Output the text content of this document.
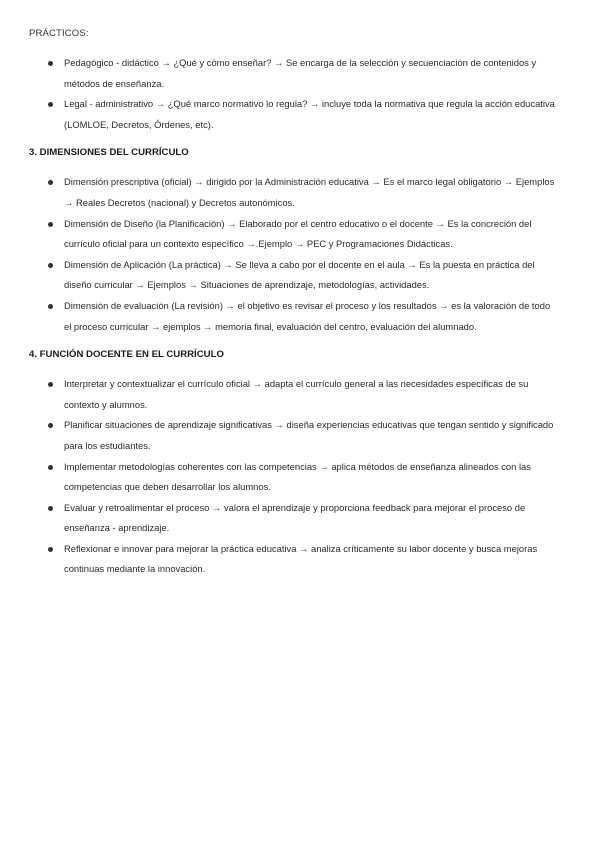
PRÁCTICOS:

Pedagógico - didáctico → ¿Qué y cómo enseñar? → Se encarga de la selección y secuenciación de contenidos y métodos de enseñanza.
Legal - administrativo → ¿Qué marco normativo lo regula? → incluye toda la normativa que regula la acción educativa (LOMLOE, Decretos, Órdenes, etc).

3. DIMENSIONES DEL CURRÍCULO

Dimensión prescriptiva (oficial) → dirigido por la Administración educativa → Es el marco legal obligatorio → Ejemplos → Reales Decretos (nacional) y Decretos autonómicos.
Dimensión de Diseño (la Planificación) → Elaborado por el centro educativo o el docente → Es la concreción del currículo oficial para un contexto específico →.Ejemplo → PEC y Programaciones Didácticas.
Dimensión de Aplicación (La práctica) → Se lleva a cabo por el docente en el aula → Es la puesta en práctica del diseño curricular → Ejemplos → Situaciones de aprendizaje, metodologías, actividades.
Dimensión de evaluación (La revisión) → el objetivo es revisar el proceso y los resultados → es la valoración de todo el proceso curricular → ejemplos → memoria final, evaluación del centro, evaluación del alumnado.

4. FUNCIÓN DOCENTE EN EL CURRÍCULO

Interpretar y contextualizar el currículo oficial → adapta el currículo general a las necesidades específicas de su contexto y alumnos.
Planificar situaciones de aprendizaje significativas → diseña experiencias educativas que tengan sentido y significado para los estudiantes.
Implementar metodologías coherentes con las competencias → aplica métodos de enseñanza alineados con las competencias que deben desarrollar los alumnos.
Evaluar y retroalimentar el proceso → valora el aprendizaje y proporciona feedback para mejorar el proceso de enseñanza - aprendizaje.
Reflexionar e innovar para mejorar la práctica educativa → analiza críticamente su labor docente y busca mejoras continuas mediante la innovación.
